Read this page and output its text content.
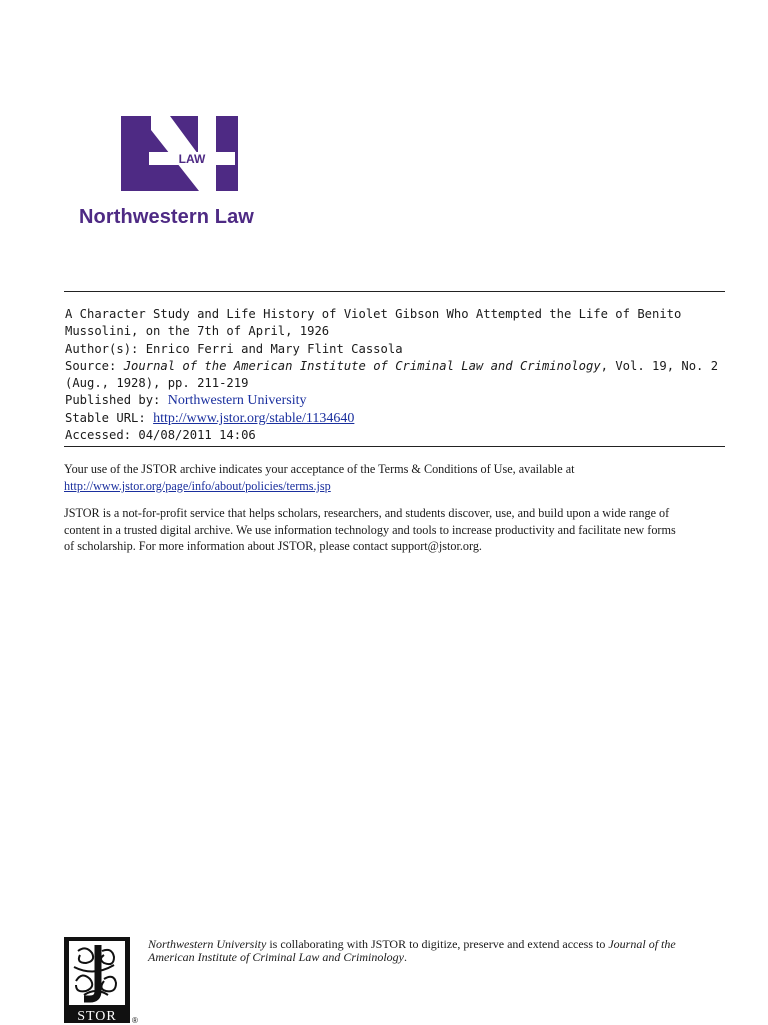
LAW
Northwestern Law
A Character Study and Life History of Violet Gibson Who Attempted the Life of Benito
Mussolini, on the 7th of April, 1926
Author(s): Enrico Ferri and Mary Flint Cassola
Source: Journal of the American Institute of Criminal Law and Criminology, Vol. 19, No. 2
(Aug., 1928), pp. 211-219
Published by: Northwestern University
Stable URL: http://www.jstor.org/stable/1134640
Accessed: 04/08/2011 14:06

Your use of the JSTOR archive indicates your acceptance of the Terms & Conditions of Use, available at
http://www.jstor.org/page/info/about/policies/terms.jsp

JSTOR is a not-for-profit service that helps scholars, researchers, and students discover, use, and build upon a wide range of
content in a trusted digital archive. We use information technology and tools to increase productivity and facilitate new forms
of scholarship. For more information about JSTOR, please contact support@jstor.org.

STOR ®
Northwestern University is collaborating with JSTOR to digitize, preserve and extend access to Journal of the
American Institute of Criminal Law and Criminology.
